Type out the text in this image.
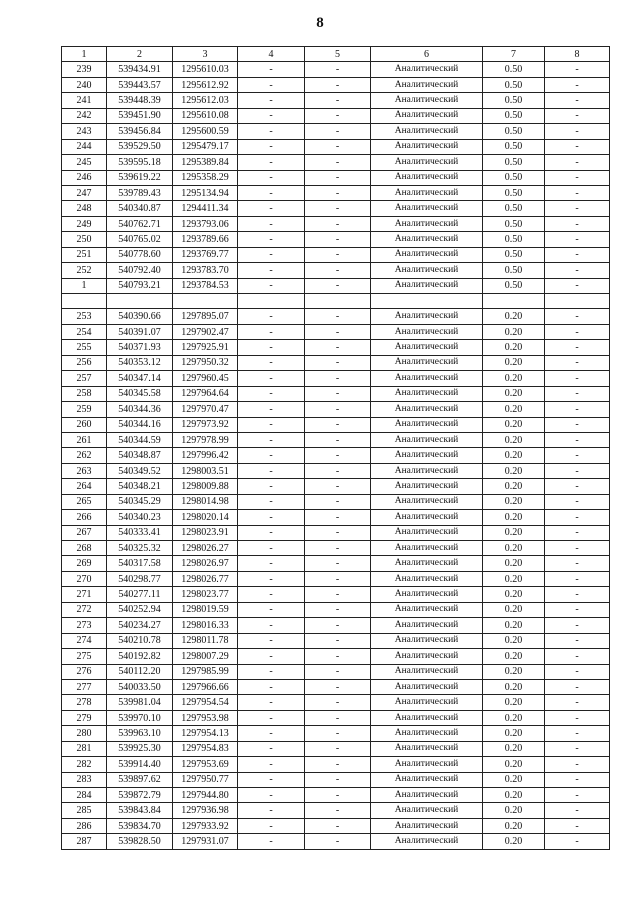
8
1	2	3	4	5	6	7	8
239	539434.91	1295610.03	-	-	Аналитический	0.50	-
240	539443.57	1295612.92	-	-	Аналитический	0.50	-
241	539448.39	1295612.03	-	-	Аналитический	0.50	-
242	539451.90	1295610.08	-	-	Аналитический	0.50	-
243	539456.84	1295600.59	-	-	Аналитический	0.50	-
244	539529.50	1295479.17	-	-	Аналитический	0.50	-
245	539595.18	1295389.84	-	-	Аналитический	0.50	-
246	539619.22	1295358.29	-	-	Аналитический	0.50	-
247	539789.43	1295134.94	-	-	Аналитический	0.50	-
248	540340.87	1294411.34	-	-	Аналитический	0.50	-
249	540762.71	1293793.06	-	-	Аналитический	0.50	-
250	540765.02	1293789.66	-	-	Аналитический	0.50	-
251	540778.60	1293769.77	-	-	Аналитический	0.50	-
252	540792.40	1293783.70	-	-	Аналитический	0.50	-
1	540793.21	1293784.53	-	-	Аналитический	0.50	-

253	540390.66	1297895.07	-	-	Аналитический	0.20	-
254	540391.07	1297902.47	-	-	Аналитический	0.20	-
255	540371.93	1297925.91	-	-	Аналитический	0.20	-
256	540353.12	1297950.32	-	-	Аналитический	0.20	-
257	540347.14	1297960.45	-	-	Аналитический	0.20	-
258	540345.58	1297964.64	-	-	Аналитический	0.20	-
259	540344.36	1297970.47	-	-	Аналитический	0.20	-
260	540344.16	1297973.92	-	-	Аналитический	0.20	-
261	540344.59	1297978.99	-	-	Аналитический	0.20	-
262	540348.87	1297996.42	-	-	Аналитический	0.20	-
263	540349.52	1298003.51	-	-	Аналитический	0.20	-
264	540348.21	1298009.88	-	-	Аналитический	0.20	-
265	540345.29	1298014.98	-	-	Аналитический	0.20	-
266	540340.23	1298020.14	-	-	Аналитический	0.20	-
267	540333.41	1298023.91	-	-	Аналитический	0.20	-
268	540325.32	1298026.27	-	-	Аналитический	0.20	-
269	540317.58	1298026.97	-	-	Аналитический	0.20	-
270	540298.77	1298026.77	-	-	Аналитический	0.20	-
271	540277.11	1298023.77	-	-	Аналитический	0.20	-
272	540252.94	1298019.59	-	-	Аналитический	0.20	-
273	540234.27	1298016.33	-	-	Аналитический	0.20	-
274	540210.78	1298011.78	-	-	Аналитический	0.20	-
275	540192.82	1298007.29	-	-	Аналитический	0.20	-
276	540112.20	1297985.99	-	-	Аналитический	0.20	-
277	540033.50	1297966.66	-	-	Аналитический	0.20	-
278	539981.04	1297954.54	-	-	Аналитический	0.20	-
279	539970.10	1297953.98	-	-	Аналитический	0.20	-
280	539963.10	1297954.13	-	-	Аналитический	0.20	-
281	539925.30	1297954.83	-	-	Аналитический	0.20	-
282	539914.40	1297953.69	-	-	Аналитический	0.20	-
283	539897.62	1297950.77	-	-	Аналитический	0.20	-
284	539872.79	1297944.80	-	-	Аналитический	0.20	-
285	539843.84	1297936.98	-	-	Аналитический	0.20	-
286	539834.70	1297933.92	-	-	Аналитический	0.20	-
287	539828.50	1297931.07	-	-	Аналитический	0.20	-
